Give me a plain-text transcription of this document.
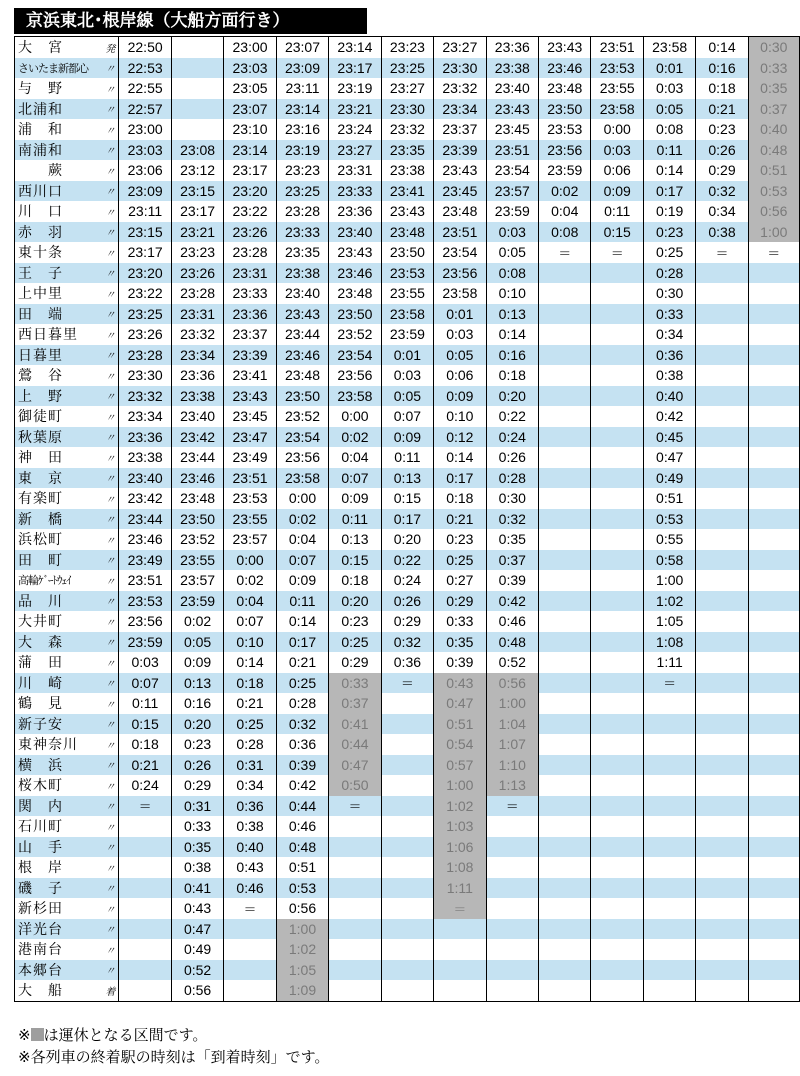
京浜東北･根岸線（大船方面行き）
大　宮	発	22:50		23:00	23:07	23:14	23:23	23:27	23:36	23:43	23:51	23:58	0:14	0:30
さいたま新都心	〃	22:53		23:03	23:09	23:17	23:25	23:30	23:38	23:46	23:53	0:01	0:16	0:33
与　野	〃	22:55		23:05	23:11	23:19	23:27	23:32	23:40	23:48	23:55	0:03	0:18	0:35
北浦和	〃	22:57		23:07	23:14	23:21	23:30	23:34	23:43	23:50	23:58	0:05	0:21	0:37
浦　和	〃	23:00		23:10	23:16	23:24	23:32	23:37	23:45	23:53	0:00	0:08	0:23	0:40
南浦和	〃	23:03	23:08	23:14	23:19	23:27	23:35	23:39	23:51	23:56	0:03	0:11	0:26	0:48
　　蕨	〃	23:06	23:12	23:17	23:23	23:31	23:38	23:43	23:54	23:59	0:06	0:14	0:29	0:51
西川口	〃	23:09	23:15	23:20	23:25	23:33	23:41	23:45	23:57	0:02	0:09	0:17	0:32	0:53
川　口	〃	23:11	23:17	23:22	23:28	23:36	23:43	23:48	23:59	0:04	0:11	0:19	0:34	0:56
赤　羽	〃	23:15	23:21	23:26	23:33	23:40	23:48	23:51	0:03	0:08	0:15	0:23	0:38	1:00
東十条	〃	23:17	23:23	23:28	23:35	23:43	23:50	23:54	0:05	＝	＝	0:25	＝	＝
王　子	〃	23:20	23:26	23:31	23:38	23:46	23:53	23:56	0:08			0:28		
上中里	〃	23:22	23:28	23:33	23:40	23:48	23:55	23:58	0:10			0:30		
田　端	〃	23:25	23:31	23:36	23:43	23:50	23:58	0:01	0:13			0:33		
西日暮里	〃	23:26	23:32	23:37	23:44	23:52	23:59	0:03	0:14			0:34		
日暮里	〃	23:28	23:34	23:39	23:46	23:54	0:01	0:05	0:16			0:36		
鶯　谷	〃	23:30	23:36	23:41	23:48	23:56	0:03	0:06	0:18			0:38		
上　野	〃	23:32	23:38	23:43	23:50	23:58	0:05	0:09	0:20			0:40		
御徒町	〃	23:34	23:40	23:45	23:52	0:00	0:07	0:10	0:22			0:42		
秋葉原	〃	23:36	23:42	23:47	23:54	0:02	0:09	0:12	0:24			0:45		
神　田	〃	23:38	23:44	23:49	23:56	0:04	0:11	0:14	0:26			0:47		
東　京	〃	23:40	23:46	23:51	23:58	0:07	0:13	0:17	0:28			0:49		
有楽町	〃	23:42	23:48	23:53	0:00	0:09	0:15	0:18	0:30			0:51		
新　橋	〃	23:44	23:50	23:55	0:02	0:11	0:17	0:21	0:32			0:53		
浜松町	〃	23:46	23:52	23:57	0:04	0:13	0:20	0:23	0:35			0:55		
田　町	〃	23:49	23:55	0:00	0:07	0:15	0:22	0:25	0:37			0:58		
高輪ｹﾞｰﾄｳｪｲ	〃	23:51	23:57	0:02	0:09	0:18	0:24	0:27	0:39			1:00		
品　川	〃	23:53	23:59	0:04	0:11	0:20	0:26	0:29	0:42			1:02		
大井町	〃	23:56	0:02	0:07	0:14	0:23	0:29	0:33	0:46			1:05		
大　森	〃	23:59	0:05	0:10	0:17	0:25	0:32	0:35	0:48			1:08		
蒲　田	〃	0:03	0:09	0:14	0:21	0:29	0:36	0:39	0:52			1:11		
川　崎	〃	0:07	0:13	0:18	0:25	0:33	＝	0:43	0:56			＝		
鶴　見	〃	0:11	0:16	0:21	0:28	0:37		0:47	1:00					
新子安	〃	0:15	0:20	0:25	0:32	0:41		0:51	1:04					
東神奈川	〃	0:18	0:23	0:28	0:36	0:44		0:54	1:07					
横　浜	〃	0:21	0:26	0:31	0:39	0:47		0:57	1:10					
桜木町	〃	0:24	0:29	0:34	0:42	0:50		1:00	1:13					
関　内	〃	＝	0:31	0:36	0:44	＝		1:02	＝					
石川町	〃		0:33	0:38	0:46			1:03						
山　手	〃		0:35	0:40	0:48			1:06						
根　岸	〃		0:38	0:43	0:51			1:08						
磯　子	〃		0:41	0:46	0:53			1:11						
新杉田	〃		0:43	＝	0:56			＝						
洋光台	〃		0:47		1:00									
港南台	〃		0:49		1:02									
本郷台	〃		0:52		1:05									
大　船	着		0:56		1:09									
※ は運休となる区間です。
※各列車の終着駅の時刻は「到着時刻」です。
